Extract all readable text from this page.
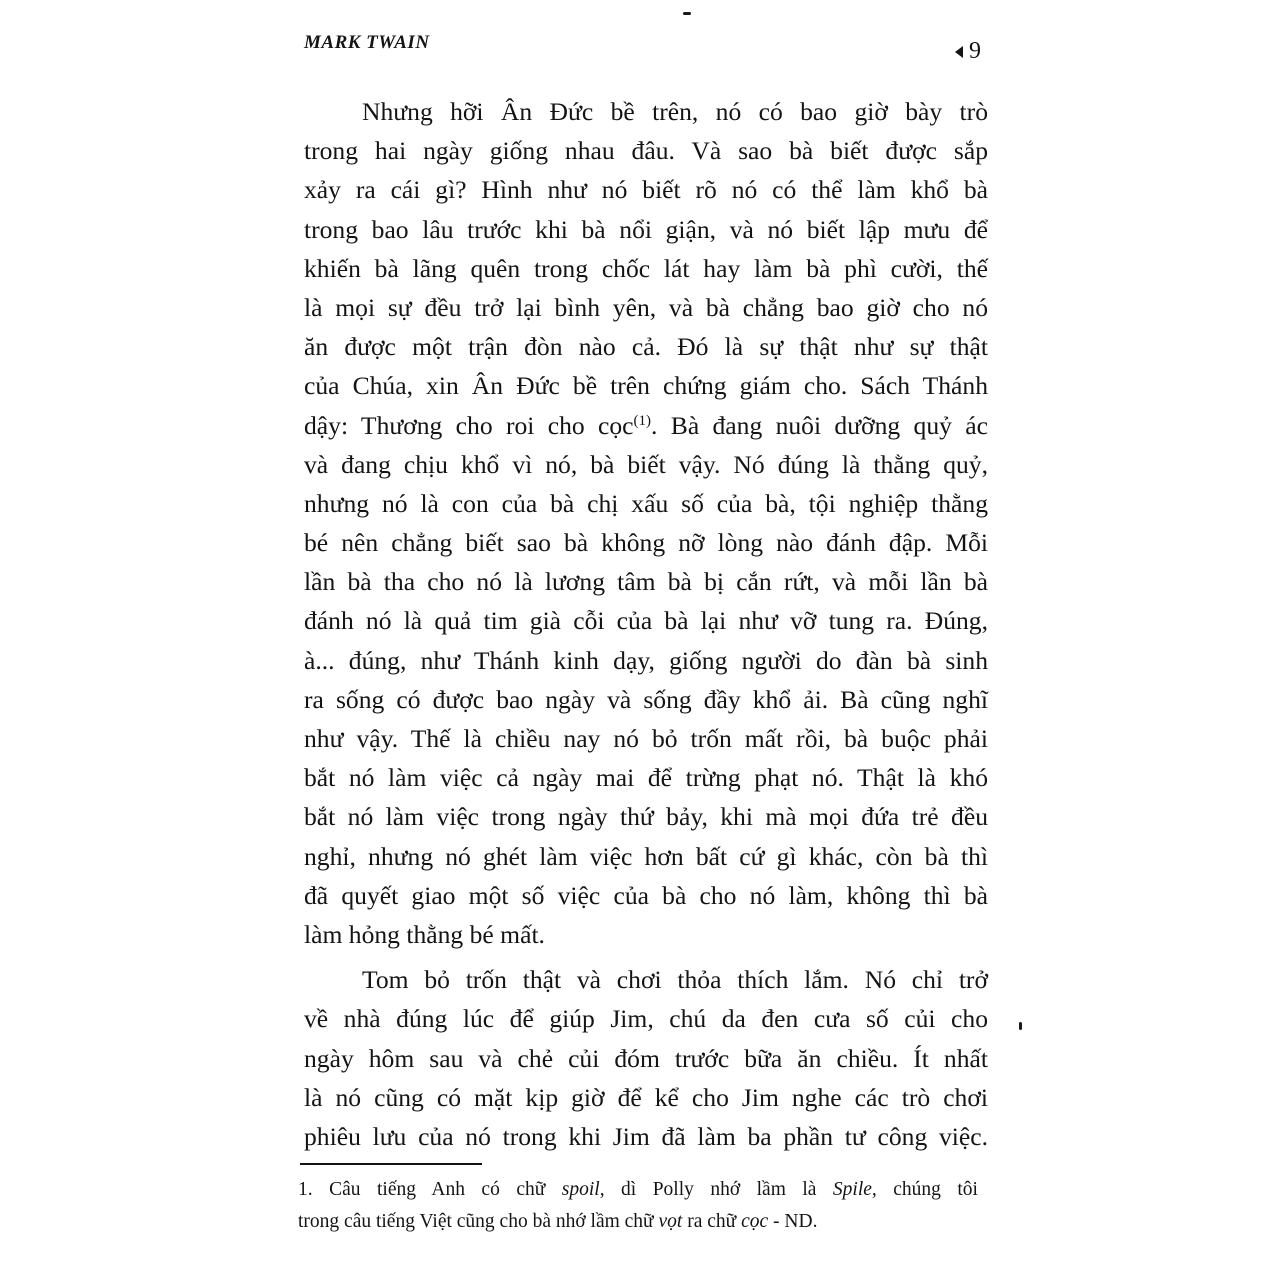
MARK TWAIN	9
Nhưng hỡi Ân Đức bề trên, nó có bao giờ bày trò
trong hai ngày giống nhau đâu. Và sao bà biết được sắp
xảy ra cái gì? Hình như nó biết rõ nó có thể làm khổ bà
trong bao lâu trước khi bà nổi giận, và nó biết lập mưu để
khiến bà lãng quên trong chốc lát hay làm bà phì cười, thế
là mọi sự đều trở lại bình yên, và bà chẳng bao giờ cho nó
ăn được một trận đòn nào cả. Đó là sự thật như sự thật
của Chúa, xin Ân Đức bề trên chứng giám cho. Sách Thánh
dậy: Thương cho roi cho cọc$^{(1)}$. Bà đang nuôi dưỡng quỷ ác
và đang chịu khổ vì nó, bà biết vậy. Nó đúng là thằng quỷ,
nhưng nó là con của bà chị xấu số của bà, tội nghiệp thằng
bé nên chẳng biết sao bà không nỡ lòng nào đánh đập. Mỗi
lần bà tha cho nó là lương tâm bà bị cắn rứt, và mỗi lần bà
đánh nó là quả tim già cỗi của bà lại như vỡ tung ra. Đúng,
à... đúng, như Thánh kinh dạy, giống người do đàn bà sinh
ra sống có được bao ngày và sống đầy khổ ải. Bà cũng nghĩ
như vậy. Thế là chiều nay nó bỏ trốn mất rồi, bà buộc phải
bắt nó làm việc cả ngày mai để trừng phạt nó. Thật là khó
bắt nó làm việc trong ngày thứ bảy, khi mà mọi đứa trẻ đều
nghỉ, nhưng nó ghét làm việc hơn bất cứ gì khác, còn bà thì
đã quyết giao một số việc của bà cho nó làm, không thì bà
làm hỏng thằng bé mất.
Tom bỏ trốn thật và chơi thỏa thích lắm. Nó chỉ trở
về nhà đúng lúc để giúp Jim, chú da đen cưa số củi cho
ngày hôm sau và chẻ củi đóm trước bữa ăn chiều. Ít nhất
là nó cũng có mặt kịp giờ để kể cho Jim nghe các trò chơi
phiêu lưu của nó trong khi Jim đã làm ba phần tư công việc.
1. Câu tiếng Anh có chữ spoil, dì Polly nhớ lầm là Spile, chúng tôi
trong câu tiếng Việt cũng cho bà nhớ lầm chữ vọt ra chữ cọc - ND.
